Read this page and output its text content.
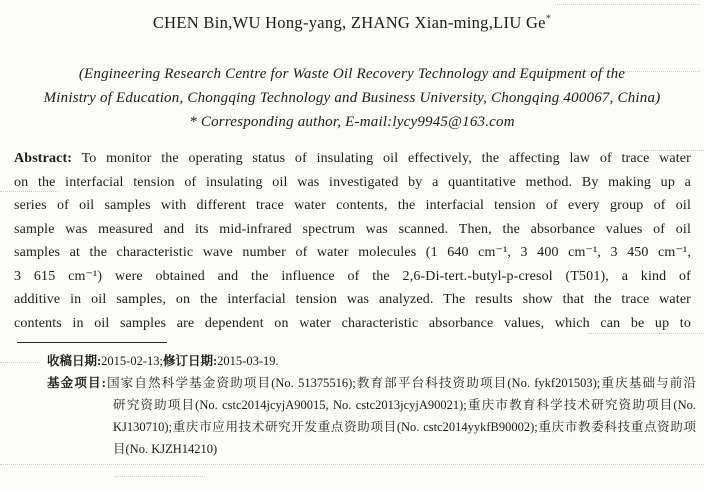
CHEN Bin,WU Hong-yang, ZHANG Xian-ming,LIU Ge*
(Engineering Research Centre for Waste Oil Recovery Technology and Equipment of the
Ministry of Education, Chongqing Technology and Business University, Chongqing 400067, China)
* Corresponding author, E-mail:lycy9945@163.com
Abstract: To monitor the operating status of insulating oil effectively, the affecting law of trace water
on the interfacial tension of insulating oil was investigated by a quantitative method. By making up a
series of oil samples with different trace water contents, the interfacial tension of every group of oil
sample was measured and its mid-infrared spectrum was scanned. Then, the absorbance values of oil
samples at the characteristic wave number of water molecules (1 640 cm⁻¹, 3 400 cm⁻¹, 3 450 cm⁻¹,
3 615 cm⁻¹) were obtained and the influence of the 2,6-Di-tert.-butyl-p-cresol (T501), a kind of
additive in oil samples, on the interfacial tension was analyzed. The results show that the trace water
contents in oil samples are dependent on water characteristic absorbance values, which can be up to
收稿日期:2015-02-13;修订日期:2015-03-19.
基金项目:国家自然科学基金资助项目(No. 51375516);教育部平台科技资助项目(No. fykf201503);重庆基础与前沿
研究资助项目(No. cstc2014jcyjA90015, No. cstc2013jcyjA90021);重庆市教育科学技术研究资助项目(No.
KJ130710);重庆市应用技术研究开发重点资助项目(No. cstc2014yykfB90002);重庆市教委科技重点资助项
目(No. KJZH14210)
